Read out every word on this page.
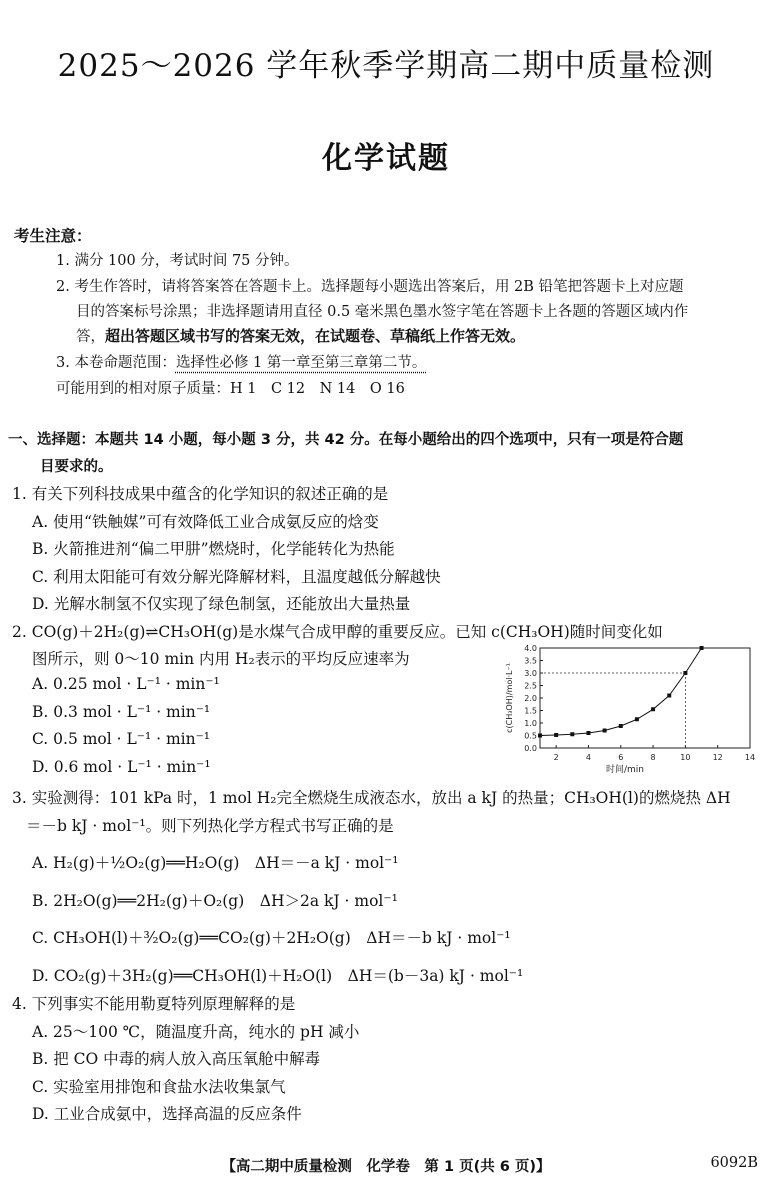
2025～2026 学年秋季学期高二期中质量检测
化学试题
考生注意：
1. 满分 100 分，考试时间 75 分钟。
2. 考生作答时，请将答案答在答题卡上。选择题每小题选出答案后，用 2B 铅笔把答题卡上对应题
目的答案标号涂黑；非选择题请用直径 0.5 毫米黑色墨水签字笔在答题卡上各题的答题区域内作
答，超出答题区域书写的答案无效，在试题卷、草稿纸上作答无效。
3. 本卷命题范围：选择性必修 1 第一章至第三章第二节。
可能用到的相对原子质量：H 1　C 12　N 14　O 16
一、选择题：本题共 14 小题，每小题 3 分，共 42 分。在每小题给出的四个选项中，只有一项是符合题
目要求的。
1. 有关下列科技成果中蕴含的化学知识的叙述正确的是
A. 使用“铁触媒”可有效降低工业合成氨反应的焓变
B. 火箭推进剂“偏二甲肼”燃烧时，化学能转化为热能
C. 利用太阳能可有效分解光降解材料，且温度越低分解越快
D. 光解水制氢不仅实现了绿色制氢，还能放出大量热量
2. CO(g)＋2H₂(g)⇌CH₃OH(g)是水煤气合成甲醇的重要反应。已知 c(CH₃OH)随时间变化如
图所示，则 0～10 min 内用 H₂表示的平均反应速率为
A. 0.25 mol · L⁻¹ · min⁻¹
B. 0.3 mol · L⁻¹ · min⁻¹
C. 0.5 mol · L⁻¹ · min⁻¹
D. 0.6 mol · L⁻¹ · min⁻¹
2	4	6	8	10	12	14
0.0
0.5
1.0
1.5
2.0
2.5
3.0
3.5
4.0
时间/min
c(CH₃OH)/mol·L⁻¹
3. 实验测得：101 kPa 时，1 mol H₂完全燃烧生成液态水，放出 a kJ 的热量；CH₃OH(l)的燃烧热 ΔH
＝－b kJ · mol⁻¹。则下列热化学方程式书写正确的是
A. H₂(g)＋½O₂(g)══H₂O(g)　ΔH＝－a kJ · mol⁻¹
B. 2H₂O(g)══2H₂(g)＋O₂(g)　ΔH＞2a kJ · mol⁻¹
C. CH₃OH(l)＋³⁄₂O₂(g)══CO₂(g)＋2H₂O(g)　ΔH＝－b kJ · mol⁻¹
D. CO₂(g)＋3H₂(g)══CH₃OH(l)＋H₂O(l)　ΔH＝(b－3a) kJ · mol⁻¹
4. 下列事实不能用勒夏特列原理解释的是
A. 25～100 ℃，随温度升高，纯水的 pH 减小
B. 把 CO 中毒的病人放入高压氧舱中解毒
C. 实验室用排饱和食盐水法收集氯气
D. 工业合成氨中，选择高温的反应条件
【高二期中质量检测　化学卷　第 1 页(共 6 页)】	6092B
